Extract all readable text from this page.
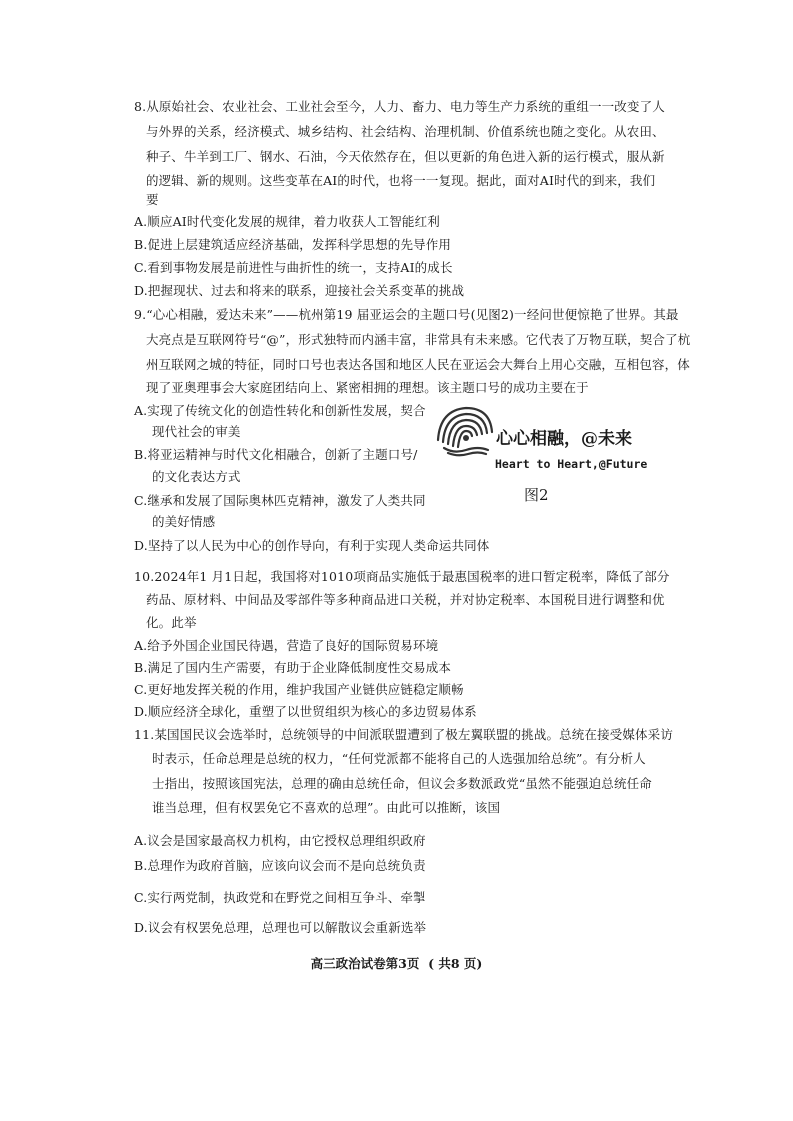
8.从原始社会、农业社会、工业社会至今，人力、畜力、电力等生产力系统的重组一一改变了人
与外界的关系，经济模式、城乡结构、社会结构、治理机制、价值系统也随之变化。从农田、
种子、牛羊到工厂、钢水、石油，今天依然存在，但以更新的角色进入新的运行模式，服从新
的逻辑、新的规则。这些变革在AI的时代，也将一一复现。据此，面对AI时代的到来，我们
要
A.顺应AI时代变化发展的规律，着力收获人工智能红利
B.促进上层建筑适应经济基础，发挥科学思想的先导作用
C.看到事物发展是前进性与曲折性的统一，支持AI的成长
D.把握现状、过去和将来的联系，迎接社会关系变革的挑战
9.“心心相融，爱达未来”——杭州第19 届亚运会的主题口号(见图2)一经问世便惊艳了世界。其最
大亮点是互联网符号“@”，形式独特而内涵丰富，非常具有未来感。它代表了万物互联，契合了杭
州互联网之城的特征，同时口号也表达各国和地区人民在亚运会大舞台上用心交融，互相包容，体
现了亚奥理事会大家庭团结向上、紧密相拥的理想。该主题口号的成功主要在于
A.实现了传统文化的创造性转化和创新性发展，契合
现代社会的审美
B.将亚运精神与时代文化相融合，创新了主题口号/
的文化表达方式
C.继承和发展了国际奥林匹克精神，激发了人类共同
的美好情感
D.坚持了以人民为中心的创作导向，有利于实现人类命运共同体
心心相融，@未来
Heart to Heart,@Future
图2
10.2024年1 月1日起，我国将对1010项商品实施低于最惠国税率的进口暂定税率，降低了部分
药品、原材料、中间品及零部件等多种商品进口关税，并对协定税率、本国税目进行调整和优
化。此举
A.给予外国企业国民待遇，营造了良好的国际贸易环境
B.满足了国内生产需要，有助于企业降低制度性交易成本
C.更好地发挥关税的作用，维护我国产业链供应链稳定顺畅
D.顺应经济全球化，重塑了以世贸组织为核心的多边贸易体系
11.某国国民议会选举时，总统领导的中间派联盟遭到了极左翼联盟的挑战。总统在接受媒体采访
时表示，任命总理是总统的权力，“任何党派都不能将自己的人选强加给总统”。有分析人
士指出，按照该国宪法，总理的确由总统任命，但议会多数派政党“虽然不能强迫总统任命
谁当总理，但有权罢免它不喜欢的总理”。由此可以推断，该国
A.议会是国家最高权力机构，由它授权总理组织政府
B.总理作为政府首脑，应该向议会而不是向总统负责
C.实行两党制，执政党和在野党之间相互争斗、牵掣
D.议会有权罢免总理，总理也可以解散议会重新选举
高三政治试卷第3页  ( 共8 页)
